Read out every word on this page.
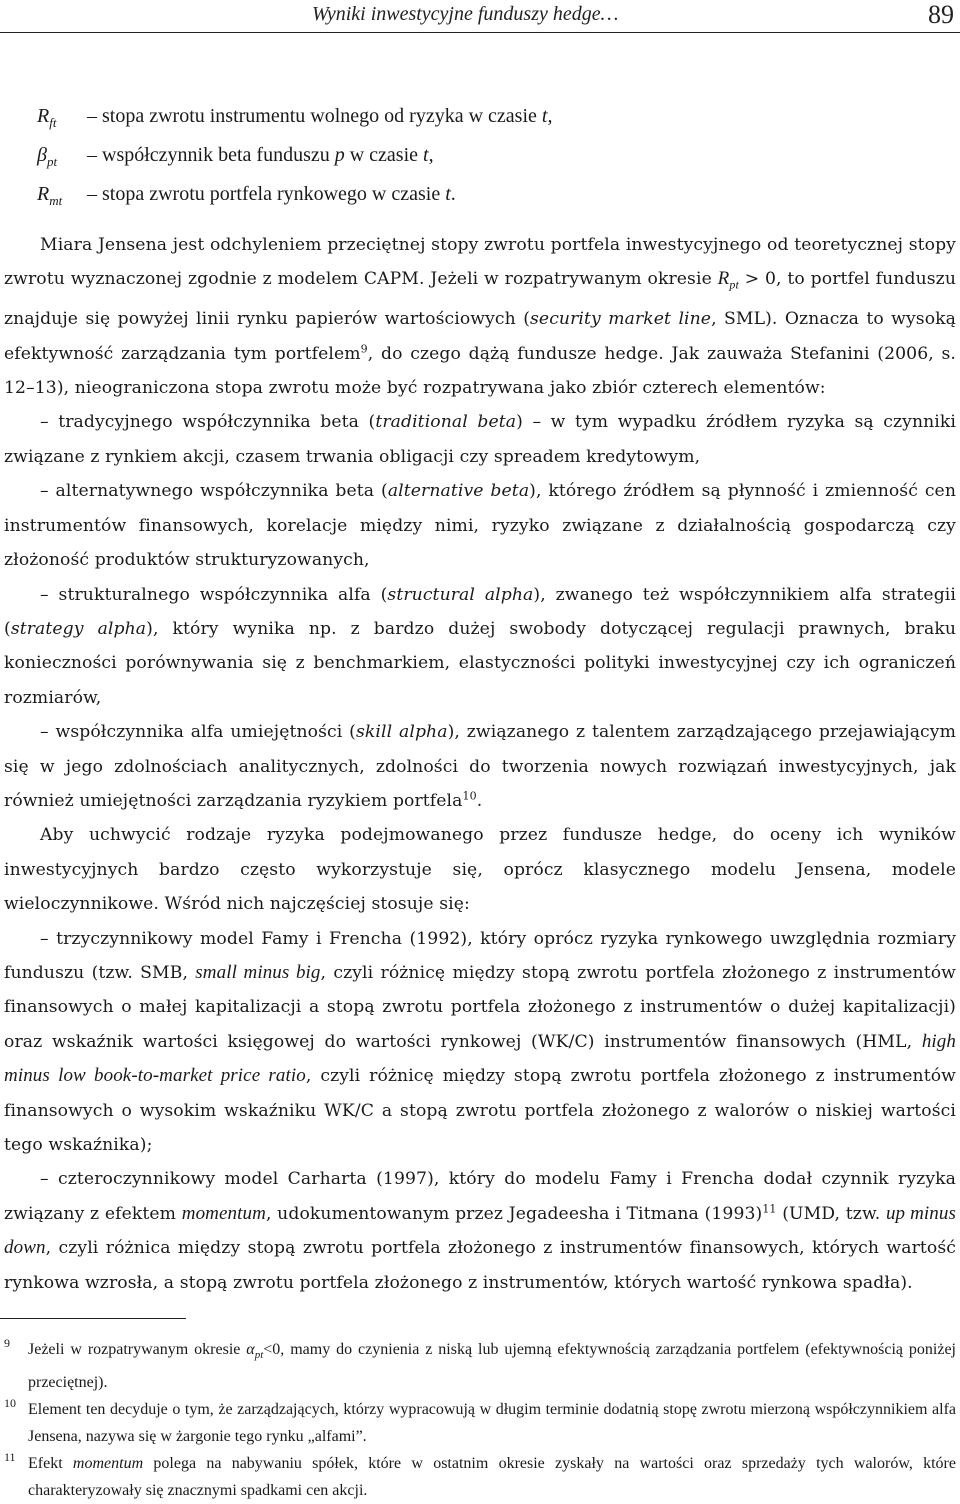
Wyniki inwestycyjne funduszy hedge…	89
$R_{ft}$	– stopa zwrotu instrumentu wolnego od ryzyka w czasie t,
$\beta_{pt}$	– współczynnik beta funduszu p w czasie t,
$R_{mt}$	– stopa zwrotu portfela rynkowego w czasie t.

Miara Jensena jest odchyleniem przeciętnej stopy zwrotu portfela inwestycyjnego od teoretycznej stopy zwrotu wyznaczonej zgodnie z modelem CAPM. Jeżeli w rozpatrywanym okresie $R_{pt} > 0$, to portfel funduszu znajduje się powyżej linii rynku papierów wartościowych (security market line, SML). Oznacza to wysoką efektywność zarządzania tym portfelem$^9$, do czego dążą fundusze hedge. Jak zauważa Stefanini (2006, s. 12–13), nieograniczona stopa zwrotu może być rozpatrywana jako zbiór czterech elementów:

– tradycyjnego współczynnika beta (traditional beta) – w tym wypadku źródłem ryzyka są czynniki związane z rynkiem akcji, czasem trwania obligacji czy spreadem kredytowym,

– alternatywnego współczynnika beta (alternative beta), którego źródłem są płynność i zmienność cen instrumentów finansowych, korelacje między nimi, ryzyko związane z działalnością gospodarczą czy złożoność produktów strukturyzowanych,

– strukturalnego współczynnika alfa (structural alpha), zwanego też współczynnikiem alfa strategii (strategy alpha), który wynika np. z bardzo dużej swobody dotyczącej regulacji prawnych, braku konieczności porównywania się z benchmarkiem, elastyczności polityki inwestycyjnej czy ich ograniczeń rozmiarów,

– współczynnika alfa umiejętności (skill alpha), związanego z talentem zarządzającego przejawiającym się w jego zdolnościach analitycznych, zdolności do tworzenia nowych rozwiązań inwestycyjnych, jak również umiejętności zarządzania ryzykiem portfela$^{10}$.

Aby uchwycić rodzaje ryzyka podejmowanego przez fundusze hedge, do oceny ich wyników inwestycyjnych bardzo często wykorzystuje się, oprócz klasycznego modelu Jensena, modele wieloczynnikowe. Wśród nich najczęściej stosuje się:

– trzyczynnikowy model Famy i Frencha (1992), który oprócz ryzyka rynkowego uwzględnia rozmiary funduszu (tzw. SMB, small minus big, czyli różnicę między stopą zwrotu portfela złożonego z instrumentów finansowych o małej kapitalizacji a stopą zwrotu portfela złożonego z instrumentów o dużej kapitalizacji) oraz wskaźnik wartości księgowej do wartości rynkowej (WK/C) instrumentów finansowych (HML, high minus low book-to-market price ratio, czyli różnicę między stopą zwrotu portfela złożonego z instrumentów finansowych o wysokim wskaźniku WK/C a stopą zwrotu portfela złożonego z walorów o niskiej wartości tego wskaźnika);

– czteroczynnikowy model Carharta (1997), który do modelu Famy i Frencha dodał czynnik ryzyka związany z efektem momentum, udokumentowanym przez Jegadeesha i Titmana $(1993)^{11}$ (UMD, tzw. up minus down, czyli różnica między stopą zwrotu portfela złożonego z instrumentów finansowych, których wartość rynkowa wzrosła, a stopą zwrotu portfela złożonego z instrumentów, których wartość rynkowa spadła).

9 Jeżeli w rozpatrywanym okresie $\alpha_{pt}<0$, mamy do czynienia z niską lub ujemną efektywnością zarządzania portfelem (efektywnością poniżej przeciętnej).

10 Element ten decyduje o tym, że zarządzających, którzy wypracowują w długim terminie dodatnią stopę zwrotu mierzoną współczynnikiem alfa Jensena, nazywa się w żargonie tego rynku „alfami”.

11 Efekt momentum polega na nabywaniu spółek, które w ostatnim okresie zyskały na wartości oraz sprzedaży tych walorów, które charakteryzowały się znacznymi spadkami cen akcji.
